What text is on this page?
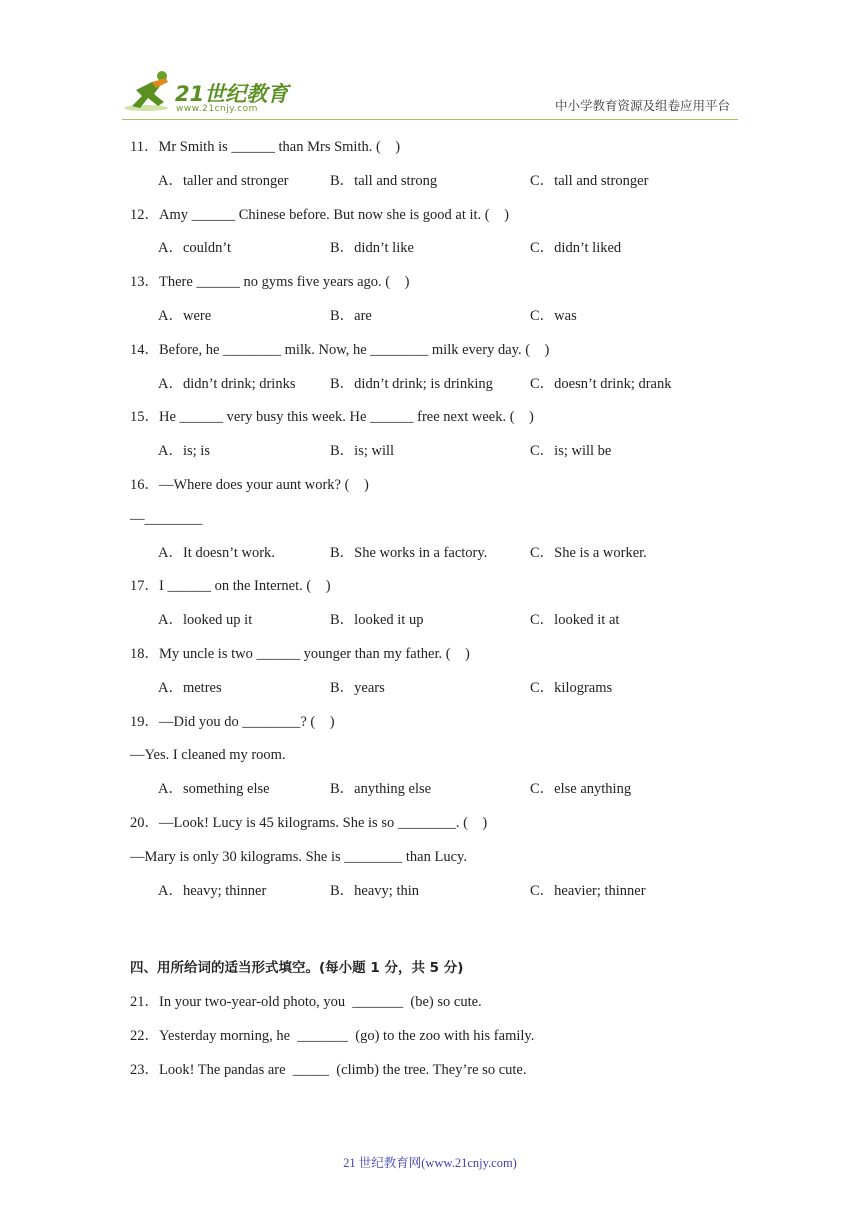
21世纪教育
www.21cnjy.com	中小学教育资源及组卷应用平台
11．Mr Smith is ______ than Mrs Smith. (    )
A．taller and stronger	B．tall and strong	C．tall and stronger
12．Amy ______ Chinese before. But now she is good at it. (    )
A．couldn’t	B．didn’t like	C．didn’t liked
13．There ______ no gyms five years ago. (    )
A．were	B．are	C．was
14．Before, he ________ milk. Now, he ________ milk every day. (    )
A．didn’t drink; drinks B．didn’t drink; is drinking	C．doesn’t drink; drank
15．He ______ very busy this week. He ______ free next week. (    )
A．is; is	B．is; will	C．is; will be
16．—Where does your aunt work? (    )
—________
A．It doesn’t work.	B．She works in a factory.	C．She is a worker.
17．I ______ on the Internet. (    )
A．looked up it	B．looked it up	C．looked it at
18．My uncle is two ______ younger than my father. (    )
A．metres	B．years	C．kilograms
19．—Did you do ________? (    )
—Yes. I cleaned my room.
A．something else	B．anything else	C．else anything
20．—Look! Lucy is 45 kilograms. She is so ________. (    )
—Mary is only 30 kilograms. She is ________ than Lucy.
A．heavy; thinner	B．heavy; thin	C．heavier; thinner
四、用所给词的适当形式填空。(每小题 1 分，共 5 分)
21．In your two-year-old photo, you  _______  (be) so cute.
22．Yesterday morning, he  _______  (go) to the zoo with his family.
23．Look! The pandas are  _____  (climb) the tree. They’re so cute.
21 世纪教育网(www.21cnjy.com)
